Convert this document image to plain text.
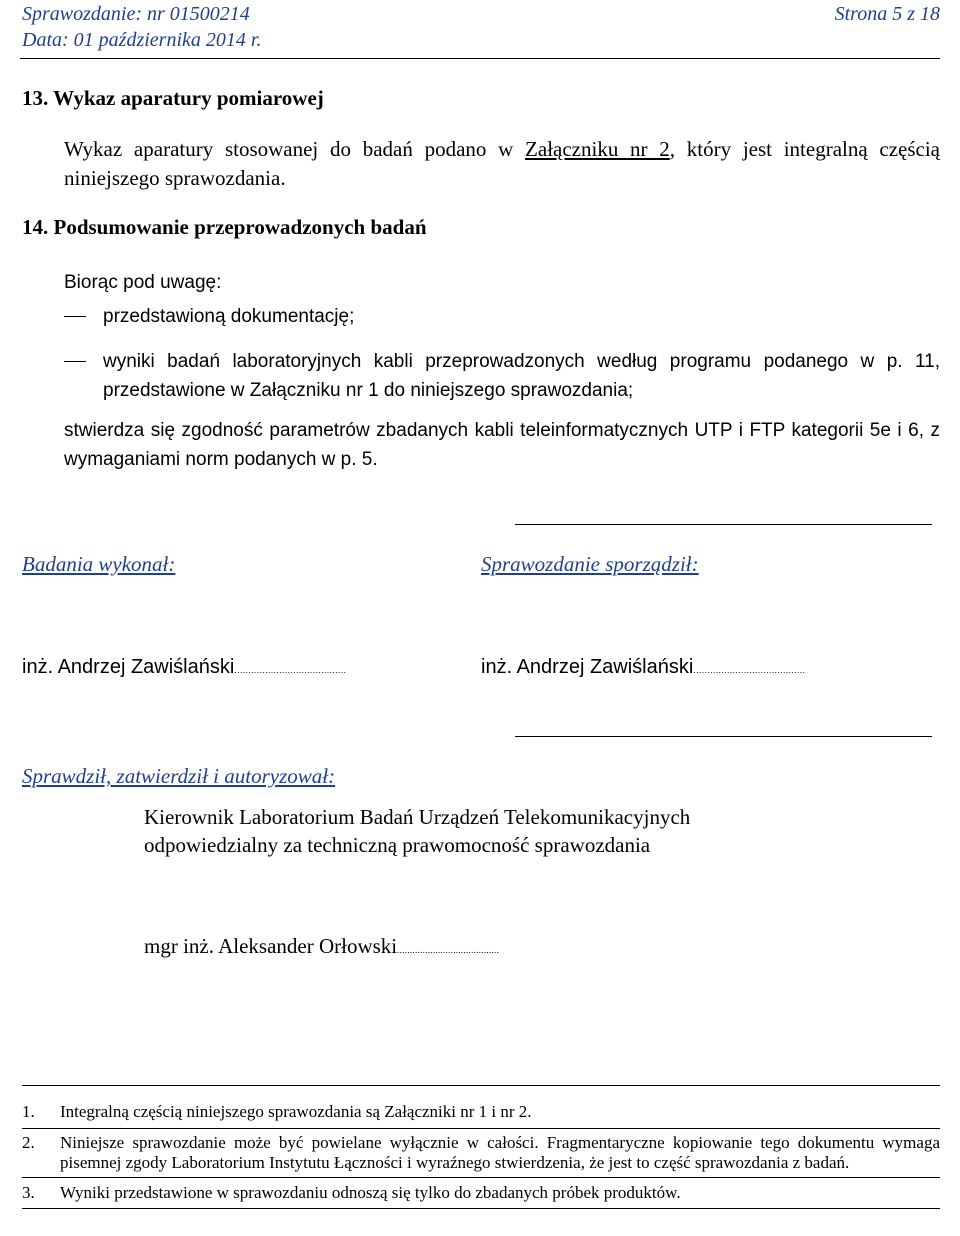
Sprawozdanie: nr 01500214	Strona 5 z 18
Data: 01 października 2014 r.
13. Wykaz aparatury pomiarowej
Wykaz aparatury stosowanej do badań podano w Załączniku nr 2, który jest integralną częścią niniejszego sprawozdania.
14. Podsumowanie przeprowadzonych badań
Biorąc pod uwagę:
przedstawioną dokumentację;
wyniki badań laboratoryjnych kabli przeprowadzonych według programu podanego w p. 11, przedstawione w Załączniku nr 1 do niniejszego sprawozdania;
stwierdza się zgodność parametrów zbadanych kabli teleinformatycznych UTP i FTP kategorii 5e i 6, z wymaganiami norm podanych w p. 5.
Badania wykonał:	Sprawozdanie sporządził:
inż. Andrzej Zawiślański........................................	inż. Andrzej Zawiślański........................................
Sprawdził, zatwierdził i autoryzował:
Kierownik Laboratorium Badań Urządzeń Telekomunikacyjnych
odpowiedzialny za techniczną prawomocność sprawozdania
mgr inż. Aleksander Orłowski........................................
1. Integralną częścią niniejszego sprawozdania są Załączniki nr 1 i nr 2.
2. Niniejsze sprawozdanie może być powielane wyłącznie w całości. Fragmentaryczne kopiowanie tego dokumentu wymaga pisemnej zgody Laboratorium Instytutu Łączności i wyraźnego stwierdzenia, że jest to część sprawozdania z badań.
3. Wyniki przedstawione w sprawozdaniu odnoszą się tylko do zbadanych próbek produktów.
